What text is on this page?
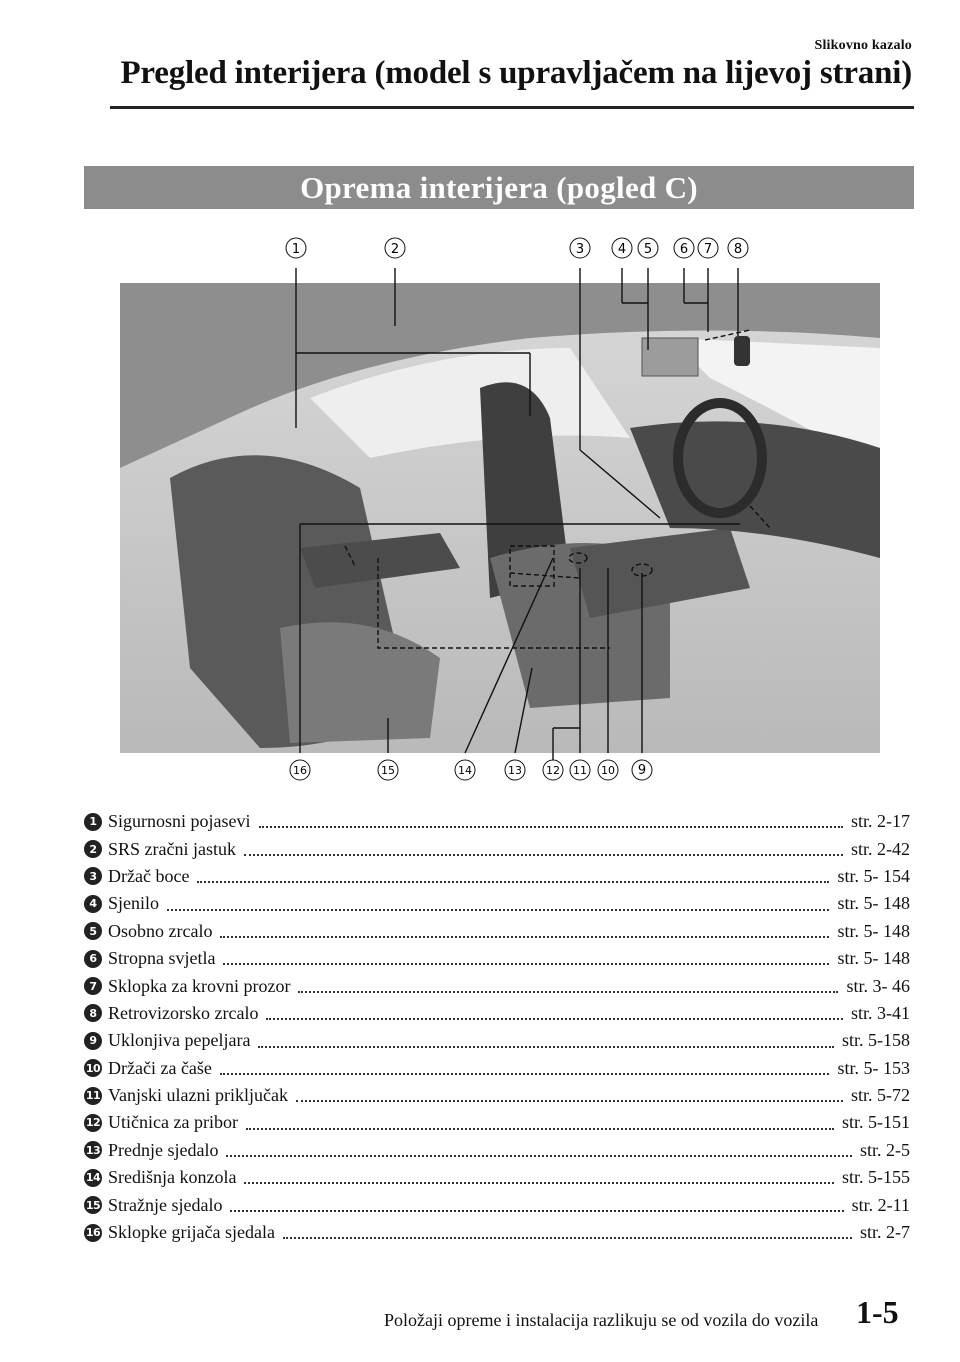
Slikovno kazalo
Pregled interijera (model s upravljačem na lijevoj strani)
Oprema interijera (pogled C)
1	2	3	4 5 6 7 8
16	15	14	13 12 11 10 9
1 Sigurnosni pojasevi	str. 2-17
2 SRS zračni jastuk	str. 2-42
3 Držač boce	str. 5- 154
4 Sjenilo	str. 5- 148
5 Osobno zrcalo	str. 5- 148
6 Stropna svjetla	str. 5- 148
7 Sklopka za krovni prozor	str. 3- 46
8 Retrovizorsko zrcalo	str. 3-41
9 Uklonjiva pepeljara	str. 5-158
10 Držači za čaše	str. 5- 153
11 Vanjski ulazni priključak	str. 5-72
12 Utičnica za pribor	str. 5-151
13 Prednje sjedalo	str. 2-5
14 Središnja konzola	str. 5-155
15 Stražnje sjedalo	str. 2-11
16 Sklopke grijača sjedala	str. 2-7
Položaji opreme i instalacija razlikuju se od vozila do vozila 1-5
